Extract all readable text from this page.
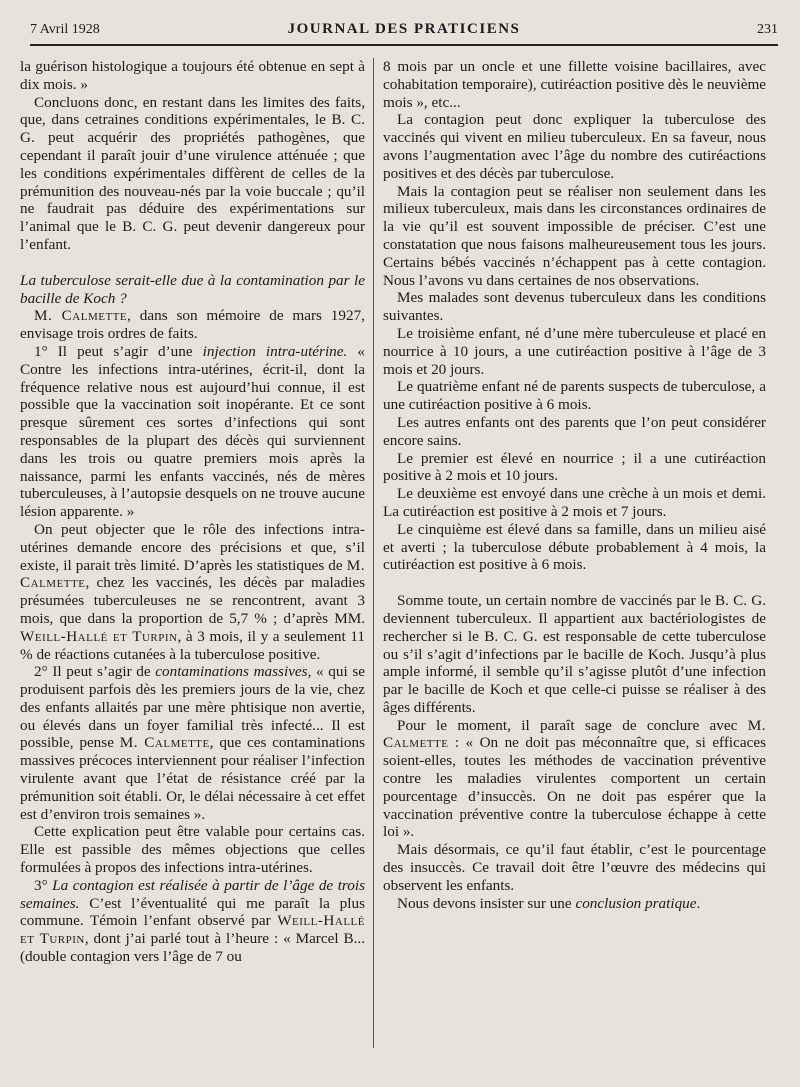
7 Avril 1928	JOURNAL DES PRATICIENS	231

la guérison histologique a toujours été obtenue en sept à dix mois. »

Concluons donc, en restant dans les limites des faits, que, dans cetraines conditions expérimentales, le B. C. G. peut acquérir des propriétés pathogènes, que cependant il paraît jouir d’une virulence atténuée ; que les conditions expérimentales diffèrent de celles de la prémunition des nouveau-nés par la voie buccale ; qu’il ne faudrait pas déduire des expérimentations sur l’animal que le B. C. G. peut devenir dangereux pour l’enfant.

La tuberculose serait-elle due à la contamination par le bacille de Koch ?

M. Calmette, dans son mémoire de mars 1927, envisage trois ordres de faits.

1° Il peut s’agir d’une injection intra-utérine. « Contre les infections intra-utérines, écrit-il, dont la fréquence relative nous est aujourd’hui connue, il est possible que la vaccination soit inopérante. Et ce sont presque sûrement ces sortes d’infections qui sont responsables de la plupart des décès qui surviennent dans les trois ou quatre premiers mois après la naissance, parmi les enfants vaccinés, nés de mères tuberculeuses, à l’autopsie desquels on ne trouve aucune lésion apparente. »

On peut objecter que le rôle des infections intra-utérines demande encore des précisions et que, s’il existe, il parait très limité. D’après les statistiques de M. Calmette, chez les vaccinés, les décès par maladies présumées tuberculeuses ne se rencontrent, avant 3 mois, que dans la proportion de 5,7 % ; d’après MM. Weill-Hallé et Turpin, à 3 mois, il y a seulement 11 % de réactions cutanées à la tuberculose positive.

2° Il peut s’agir de contaminations massives, « qui se produisent parfois dès les premiers jours de la vie, chez des enfants allaités par une mère phtisique non avertie, ou élevés dans un foyer familial très infecté... Il est possible, pense M. Calmette, que ces contaminations massives précoces interviennent pour réaliser l’infection virulente avant que l’état de résistance créé par la prémunition soit établi. Or, le délai nécessaire à cet effet est d’environ trois semaines ».

Cette explication peut être valable pour certains cas. Elle est passible des mêmes objections que celles formulées à propos des infections intra-utérines.

3° La contagion est réalisée à partir de l’âge de trois semaines. C’est l’éventualité qui me paraît la plus commune. Témoin l’enfant observé par Weill-Hallé et Turpin, dont j’ai parlé tout à l’heure : « Marcel B... (double contagion vers l’âge de 7 ou

8 mois par un oncle et une fillette voisine bacillaires, avec cohabitation temporaire), cutiréaction positive dès le neuvième mois », etc...

La contagion peut donc expliquer la tuberculose des vaccinés qui vivent en milieu tuberculeux. En sa faveur, nous avons l’augmentation avec l’âge du nombre des cutiréactions positives et des décès par tuberculose.

Mais la contagion peut se réaliser non seulement dans les milieux tuberculeux, mais dans les circonstances ordinaires de la vie qu’il est souvent impossible de préciser. C’est une constatation que nous faisons malheureusement tous les jours. Certains bébés vaccinés n’échappent pas à cette contagion. Nous l’avons vu dans certaines de nos observations.

Mes malades sont devenus tuberculeux dans les conditions suivantes.

Le troisième enfant, né d’une mère tuberculeuse et placé en nourrice à 10 jours, a une cutiréaction positive à l’âge de 3 mois et 20 jours.

Le quatrième enfant né de parents suspects de tuberculose, a une cutiréaction positive à 6 mois.

Les autres enfants ont des parents que l’on peut considérer encore sains.

Le premier est élevé en nourrice ; il a une cutiréaction positive à 2 mois et 10 jours.

Le deuxième est envoyé dans une crèche à un mois et demi. La cutiréaction est positive à 2 mois et 7 jours.

Le cinquième est élevé dans sa famille, dans un milieu aisé et averti ; la tuberculose débute probablement à 4 mois, la cutiréaction est positive à 6 mois.

Somme toute, un certain nombre de vaccinés par le B. C. G. deviennent tuberculeux. Il appartient aux bactériologistes de rechercher si le B. C. G. est responsable de cette tuberculose ou s’il s’agit d’infections par le bacille de Koch. Jusqu’à plus ample informé, il semble qu’il s’agisse plutôt d’une infection par le bacille de Koch et que celle-ci puisse se réaliser à des âges différents.

Pour le moment, il paraît sage de conclure avec M. Calmette : « On ne doit pas méconnaître que, si efficaces soient-elles, toutes les méthodes de vaccination préventive contre les maladies virulentes comportent un certain pourcentage d’insuccès. On ne doit pas espérer que la vaccination préventive contre la tuberculose échappe à cette loi ».

Mais désormais, ce qu’il faut établir, c’est le pourcentage des insuccès. Ce travail doit être l’œuvre des médecins qui observent les enfants.

Nous devons insister sur une conclusion pratique.
